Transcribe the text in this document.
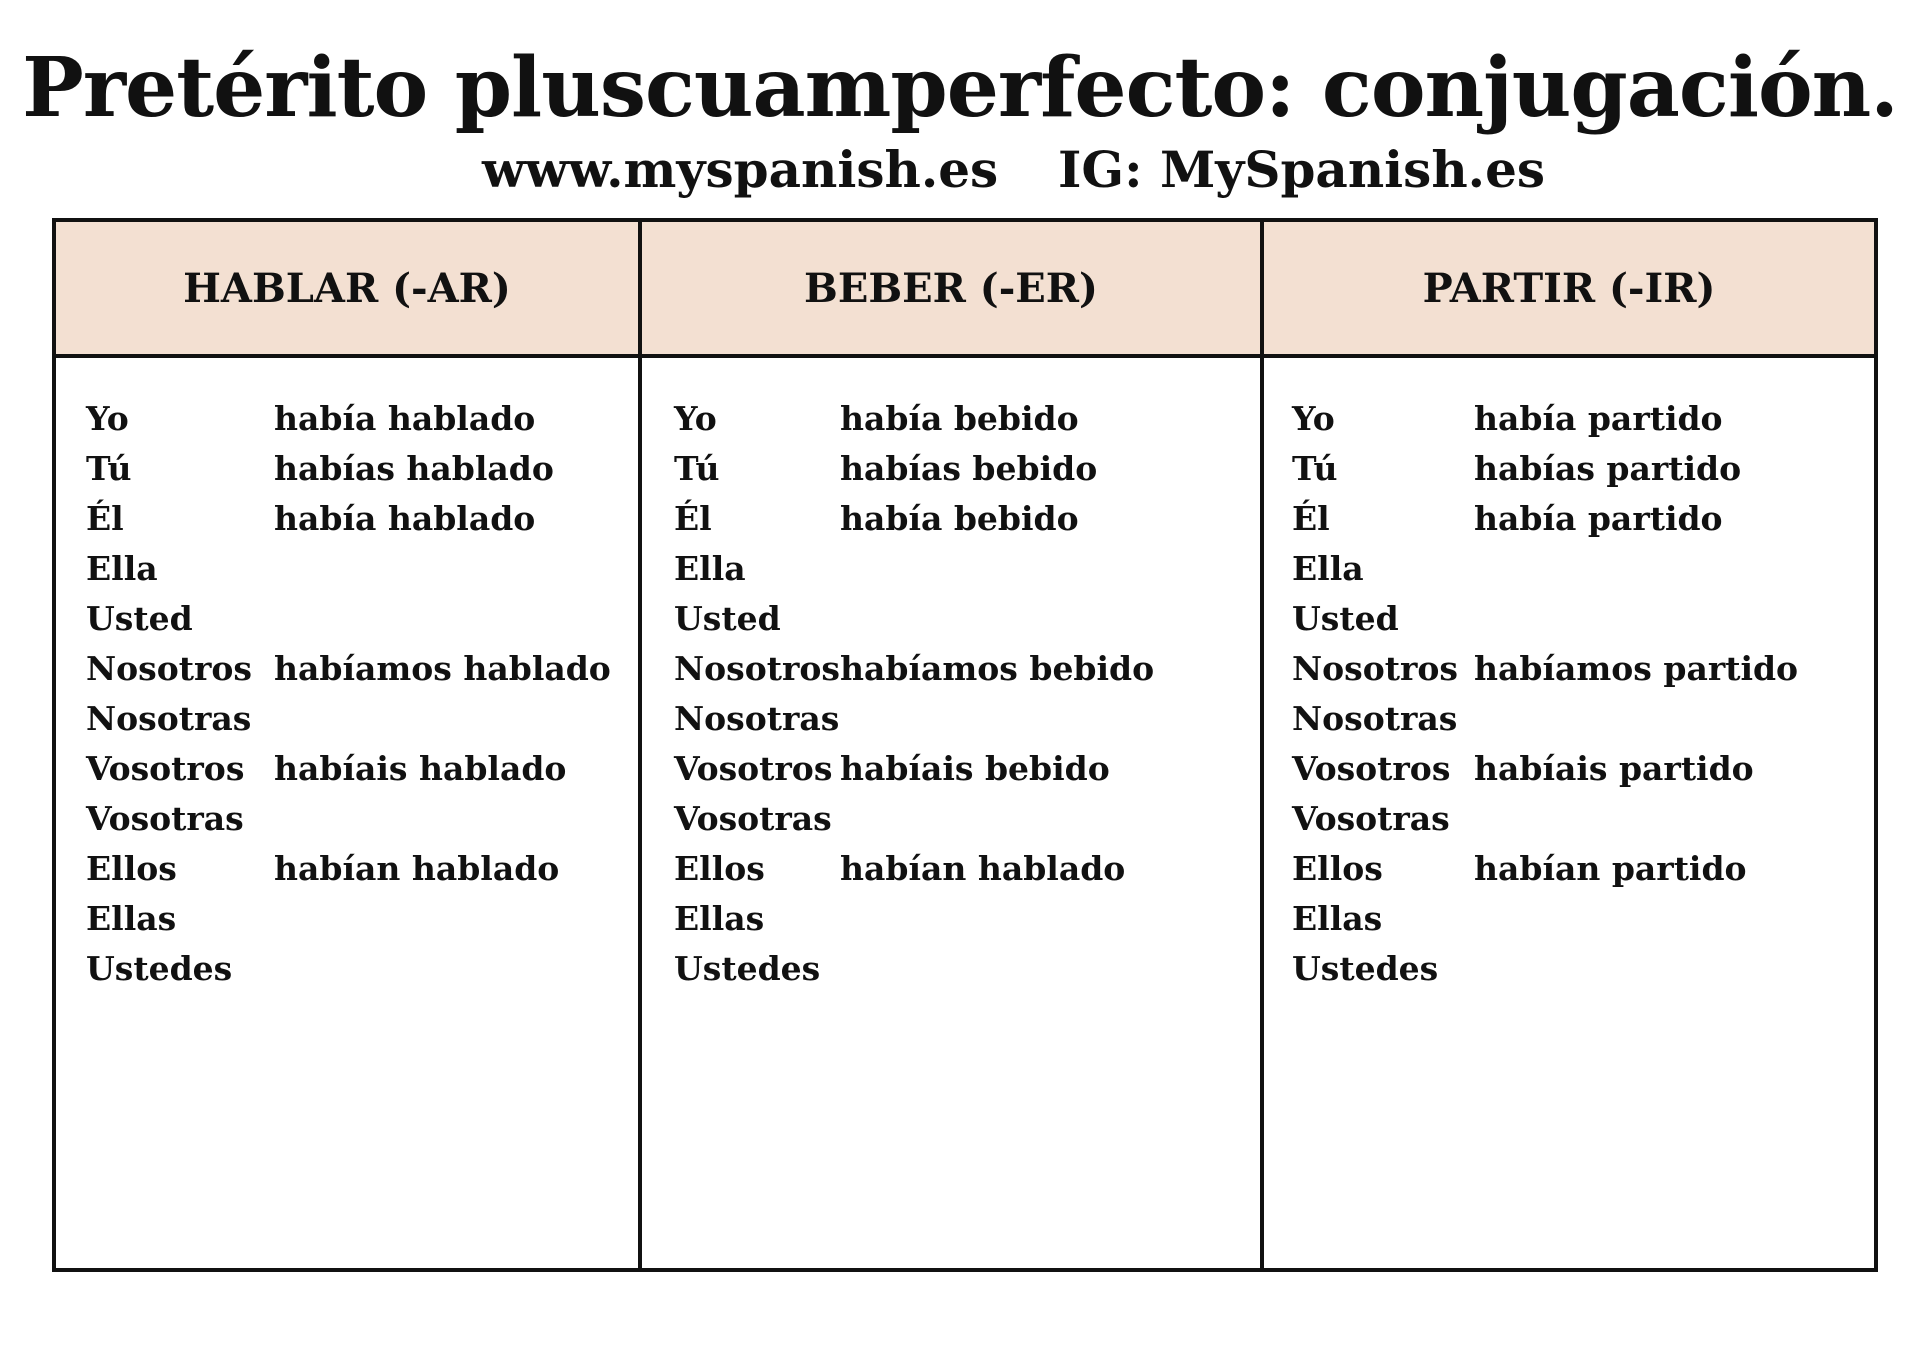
Pretérito pluscuamperfecto: conjugación.
www.myspanish.es IG: MySpanish.es
HABLAR (-AR)
Yo	había hablado
Tú	habías hablado
Él	había hablado
Ella
Usted
Nosotros habíamos hablado
Nosotras
Vosotros habíais hablado
Vosotras
Ellos	habían hablado
Ellas
Ustedes
BEBER (-ER)
Yo	había bebido
Tú	habías bebido
Él	había bebido
Ella
Usted
Nosotros habíamos bebido
Nosotras
Vosotros habíais bebido
Vosotras
Ellos habían hablado
Ellas
Ustedes
PARTIR (-IR)
Yo	había partido
Tú	habías partido
Él	había partido
Ella
Usted
Nosotros habíamos partido
Nosotras
Vosotros habíais partido
Vosotras
Ellos	habían partido
Ellas
Ustedes
